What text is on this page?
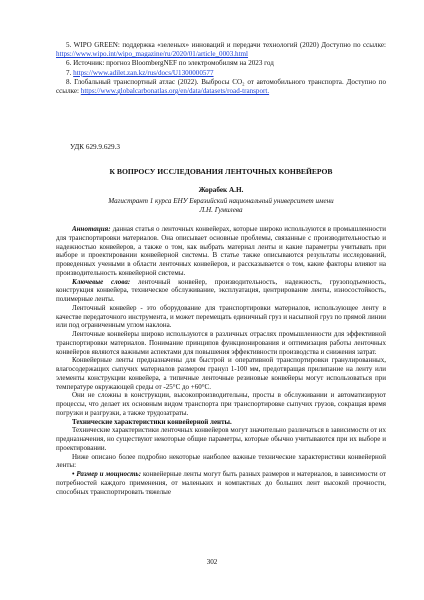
5. WIPO GREEN: поддержка «зеленых» инноваций и передачи технологий (2020) Доступно по ссылке: https://www.wipo.int/wipo_magazine/ru/2020/01/article_0003.html

6. Источник: прогноз BloombergNEF по электромобилям на 2023 год

7. https://www.adilet.zan.kz/rus/docs/U1300000577

8. Глобальный транспортный атлас (2022). Выбросы CO₂ от автомобильного транспорта. Доступно по ссылке: https://www.globalcarbonatlas.org/en/data/datasets/road-transport.

УДК 629.9.629.3
К ВОПРОСУ ИССЛЕДОВАНИЯ ЛЕНТОЧНЫХ КОНВЕЙЕРОВ
Жорабек А.Н.
Магистрант 1 курса ЕНУ Евразийский национальный университет имени
Л.Н. Гумилева

Аннотация: данная статья о ленточных конвейерах, которые широко используются в промышленности для транспортировки материалов. Она описывает основные проблемы, связанные с производительностью и надежностью конвейеров, а также о том, как выбрать материал ленты и какие параметры учитывать при выборе и проектировании конвейерной системы. В статье также описываются результаты исследований, проведенных учеными в области ленточных конвейеров, и рассказывается о том, какие факторы влияют на производительность конвейерной системы.

Ключевые слова: ленточный конвейер, производительность, надежность, грузоподъемность, конструкция конвейера, техническое обслуживание, эксплуатация, центрирование ленты, износостойкость, полимерные ленты.

Ленточный конвейер - это оборудование для транспортировки материалов, использующее ленту в качестве передаточного инструмента, и может перемещать единичный груз и насыпной груз по прямой линии или под ограниченным углом наклона.

Ленточные конвейеры широко используются в различных отраслях промышленности для эффективной транспортировки материалов. Понимание принципов функционирования и оптимизация работы ленточных конвейеров являются важными аспектами для повышения эффективности производства и снижения затрат.

Конвейерные ленты предназначены для быстрой и оперативной транспортировки гранулированных, влагосодержащих сыпучих материалов размером гранул 1-100 мм, предотвращая прилипание на ленту или элементы конструкции конвейера, а типичные ленточные резиновые конвейеры могут использоваться при температуре окружающей среды от -25°C до +60°C.

Они не сложны в конструкции, высокопроизводительны, просты в обслуживании и автоматизируют процессы, что делает их основным видом транспорта при транспортировке сыпучих грузов, сокращая время погрузки и разгрузки, а также трудозатраты.

Технические характеристики конвейерной ленты.

Технические характеристики ленточных конвейеров могут значительно различаться в зависимости от их предназначения, но существуют некоторые общие параметры, которые обычно учитываются при их выборе и проектировании.

Ниже описано более подробно некоторые наиболее важные технические характеристики конвейерной ленты:

• Размер и мощность: конвейерные ленты могут быть разных размеров и материалов, в зависимости от потребностей каждого применения, от маленьких и компактных до больших лент высокой прочности, способных транспортировать тяжелые

302
